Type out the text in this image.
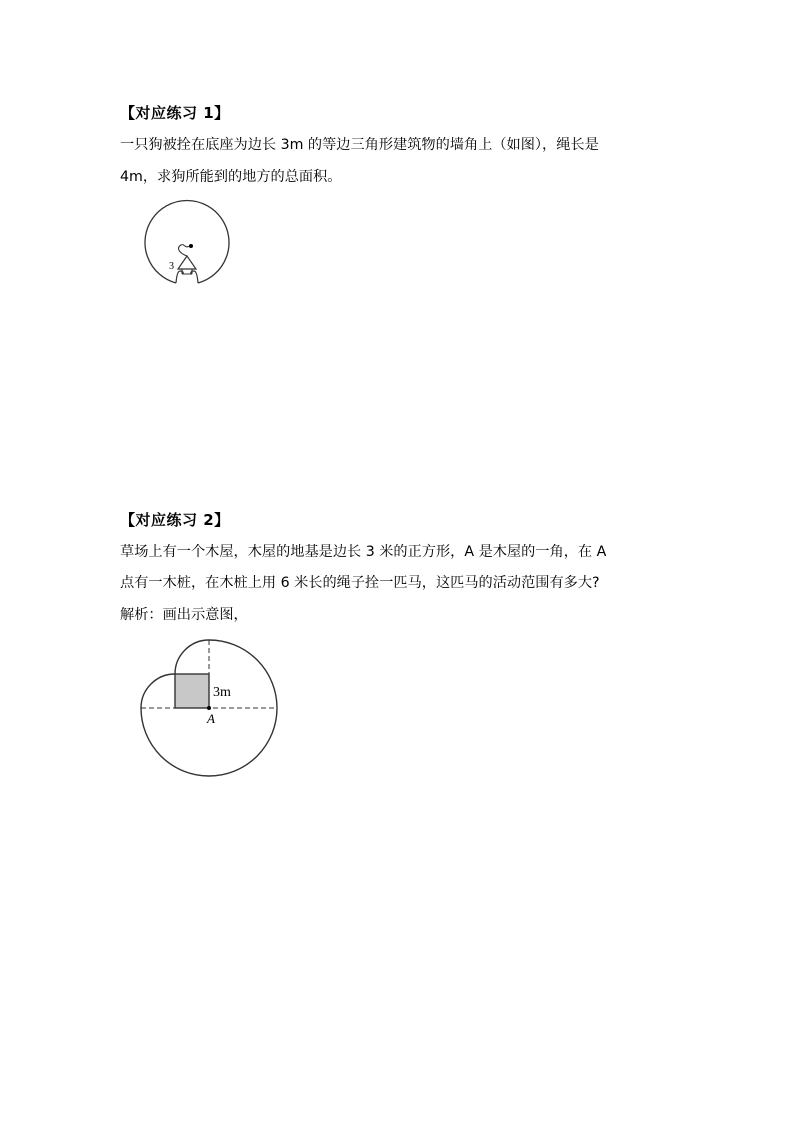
【对应练习 1】
一只狗被拴在底座为边长 3m 的等边三角形建筑物的墙角上（如图），绳长是
4m，求狗所能到的地方的总面积。
3
【对应练习 2】
草场上有一个木屋，木屋的地基是边长 3 米的正方形，A 是木屋的一角，在 A
点有一木桩，在木桩上用 6 米长的绳子拴一匹马，这匹马的活动范围有多大?
解析：画出示意图，
3m
A
